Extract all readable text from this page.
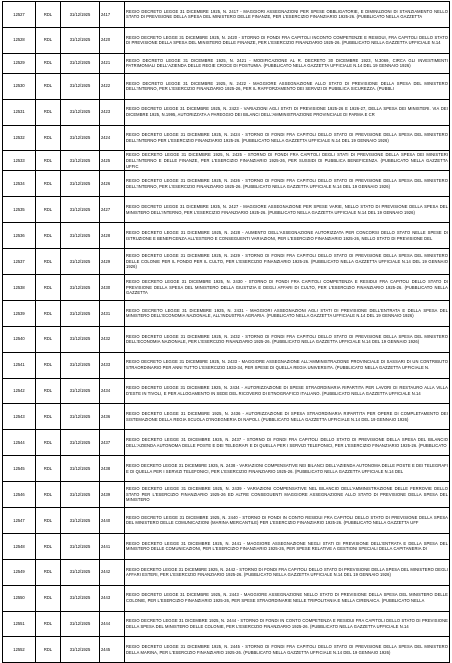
12527	RDL	31/12/1925	2417	REGIO DECRETO LEGGE 31 DICEMBRE 1925, N. 2417 - MAGGIORI ASSEGNAZIONI PER SPESE OBBLIGATORIE, E DIMINUZIONI DI STANZIAMENTO NELLO STATO DI PREVISIONE DELLA SPESA DEL MINISTERO DELLE FINANZE, PER L'ESERCIZIO FINANZIARIO 1925-26. (PUBBLICATO NELLA GAZZETTA
12528	RDL	31/12/1925	2420	REGIO DECRETO LEGGE 31 DICEMBRE 1925, N. 2420 - STORNO DI FONDI FRA CAPITOLI INCONTO COMPETENZE E RESIDUI, FRA CAPITOLI DELLO STATO DI PREVISIONE DELLA SPESA DEL MINISTERO DELLE FINANZE, PER L'ESERCIZIO FINANZIARIO 1925-26. (PUBBLICATO NELLA GAZZETTA UFFICIALE N.14
12529	RDL	31/12/1925	2421	REGIO DECRETO LEGGE 31 DICEMBRE 1925, N. 2421 - MODIFICAZIONE AL R. DECRETO 30 DICEMBRE 1923, N.3069, CIRCA GLI INVESTIMENTI PATRIMONIALI DELL'AZIENDA DELLE REGIE CROCE DI POSTUMIA. (PUBBLICATO NELLA GAZZETTA UFFICIALE N.14 DEL 19 GENNAIO 1926)
12530	RDL	31/12/1925	2422	REGIO DECRETO LEGGE 31 DICEMBRE 1925, N. 2422 - MAGGIORE ASSEGNAZIONE ALLO STATO DI PREVISIONE DELLA SPESA DEL MINISTERO DELL'INTERNO, PER L'ESERCIZIO FINANZIARIO 1925-26, PER IL RAFFORZAMENTO DEI SERVIZI DI PUBBLICA SICUREZZA. (PUBBLI
12531	RDL	31/12/1925	2423	REGIO DECRETO LEGGE 31 DICEMBRE 1925, N. 2423 - VARIAZIONI AGLI STATI DI PREVISIONE 1925-26 E 1926-27, DELLA SPESA DEI MINISTERI. VIA DEI DICEMBRE 1925, N.1995, AUTORIZZATA A PAREGGIO DEI BILANCI DELL'AMMINISTRAZIONE PROVINCIALE DI PARMA E CR
12532	RDL	31/12/1925	2424	REGIO DECRETO LEGGE 31 DICEMBRE 1925, N. 2424 - STORNO DI FONDI FRA CAPITOLI DELLO STATO DI PREVISIONE DELLA SPESA DEL MINISTERO DELL'INTERNO PER L'ESERCIZIO FINANZIARIO 1925-26. (PUBBLICATO NELLA GAZZETTA UFFICIALE N.14 DEL 19 GENNAIO 1926)
12533	RDL	31/12/1925	2425	REGIO DECRETO LEGGE 31 DICEMBRE 1925, N. 2425 - STORNO DI FONDI FRA CAPITOLI DEGLI STATI DI PREVISIONE DELLA SPESA DEI MINISTERI DELL'INTERNO E DELLE FINANZE, PER L'ESERCIZIO FINANZIARIO 1925-26, PER SUSSIDI DI PUBBLICA BENEFICENZA. (PUBBLICATO NELLA GAZZETTA UFFIC
12534	RDL	31/12/1925	2426	REGIO DECRETO LEGGE 31 DICEMBRE 1925, N. 2426 - STORNO DI FONDI FRA CAPITOLI DELLO STATO DI PREVISIONE DELLA SPESA DEL MINISTERO DELL'INTERNO, PER L'ESERCIZIO FINANZIARIO 1925-26. (PUBBLICATO NELLA GAZZETTA UFFICIALE N.14 DEL 19 GENNAIO 1926)
12535	RDL	31/12/1925	2427	REGIO DECRETO LEGGE 31 DICEMBRE 1925, N. 2427 - MAGGIORE ASSEGNAZIONE PER SPESE VARIE, NELLO STATO DI PREVISIONE DELLA SPESA DEL MINISTERO DELL'INTERNO, PER L'ESERCIZIO FINANZIARIO 1925-26. (PUBBLICATO NELLA GAZZETTA UFFICIALE N.14 DEL 19 GENNAIO 1926)
12536	RDL	31/12/1925	2428	REGIO DECRETO LEGGE 31 DICEMBRE 1925, N. 2428 - AUMENTO DELL'ASSEGNAZIONE AUTORIZZATA PER CONCORSI DELLO STATO NELLE SPESE DI ISTRUZIONE E BENEFICENZA ALL'ESTERO E CONSEGUENTI VARIAZIONI, PER L'ESERCIZIO FINANZIARIO 1925-26, NELLO STATO DI PREVISIONE DEL
12537	RDL	31/12/1925	2429	REGIO DECRETO LEGGE 31 DICEMBRE 1925, N. 2429 - STORNO DI FONDI FRA CAPITOLI DELLO STATO DI PREVISIONE DELLA SPESA DEL MINISTERO DELLE COLONIE PER IL FONDO PER IL CULTO, PER L'ESERCIZIO FINANZIARIO 1925-26. (PUBBLICATO NELLA GAZZETTA UFFICIALE N.14 DEL 19 GENNAIO 1926)
12538	RDL	31/12/1925	2430	REGIO DECRETO LEGGE 31 DICEMBRE 1925, N. 2430 - STORNO DI FONDI FRA CAPITOLI COMPETENZA E RESIDUI FRA CAPITOLI DELLO STATO DI PREVISIONE DELLA SPESA DEL MINISTERO DELLA GIUSTIZIA E DEGLI AFFARI DI CULTO, PER L'ESERCIZIO FINANZIARIO 1925-26. (PUBBLICATO NELLA GAZZETTA
12539	RDL	31/12/1925	2431	REGIO DECRETO LEGGE 31 DICEMBRE 1925, N. 2431 - MAGGIORI ASSEGNAZIONI AGLI STATI DI PREVISIONE DELL'ENTRATA E DELLA SPESA DEL MINISTERO DELL'ECONOMIA NAZIONALE, ALL'INDUSTRIA AGRARIA. (PUBBLICATO NELLA GAZZETTA UFFICIALE N.14 DEL 19 GENNAIO 1926)
12540	RDL	31/12/1925	2432	REGIO DECRETO LEGGE 31 DICEMBRE 1925, N. 2432 - STORNO DI FONDI FRA CAPITOLI DELLO STATO DI PREVISIONE DELLA SPESA DEL MINISTERO DELL'ECONOMIA NAZIONALE, PER L'ESERCIZIO FINANZIARIO 1925-26. (PUBBLICATO NELLA GAZZETTA UFFICIALE N.14 DEL 19 GENNAIO 1926)
12541	RDL	31/12/1925	2433	REGIO DECRETO LEGGE 31 DICEMBRE 1925, N. 2433 - MAGGIORE ASSEGNAZIONE ALL'AMMINISTRAZIONE PROVINCIALE DI SASSARI DI UN CONTRIBUTO STRAORDINARIO PER ANNI TUTTO L'ESERCIZIO 1933-34, PER SPESE DI QUELLA REGIA UNIVERSITA. (PUBBLICATO NELLA GAZZETTA UFFICIALE N.
12542	RDL	31/12/1925	2434	REGIO DECRETO LEGGE 31 DICEMBRE 1925, N. 2434 - AUTORIZZAZIONE DI SPESE STRAORDINARIA RIPARTITA PER LAVORI DI RESTAURO ALLA VILLA D'ESTE IN TIVOLI, E PER ALLOGAMENTO IN SEDE DEL RICOVERO DI ETNOGRAFICO ITALIANO. (PUBBLICATO NELLA GAZZETTA UFFICIALE N.14
12543	RDL	31/12/1925	2436	REGIO DECRETO LEGGE 31 DICEMBRE 1925, N. 2436 - AUTORIZZAZIONE DI SPESA STRAORDINARIA RIPARTITA PER OPERE DI COMPLETAMENTO DEI SISTEMAZIONE DELLA REGIA SCUOLA D'INGEGNERIA DI NAPOLI. (PUBBLICATO NELLA GAZZETTA UFFICIALE N.14 DEL 19 GENNAIO 1926)
12544	RDL	31/12/1925	2437	REGIO DECRETO LEGGE 31 DICEMBRE 1925, N. 2437 - STORNO DI FONDI FRA CAPITOLI DELLO STATO DI PREVISIONE DELLA SPESA DEL BILANCIO DELL'AZIENDA AUTONOMA DELLE POSTE E DEI TELEGRAFI E DI QUELLA PER I SERVIZI TELEFONICI, PER L'ESERCIZIO FINANZIARIO 1925-26. (PUBBLICATO
12545	RDL	31/12/1925	2438	REGIO DECRETO LEGGE 31 DICEMBRE 1925, N. 2438 - VARIAZIONI COMPENSATIVE NEI BILANCI DELL'AZIENDA AUTONOMA DELLE POSTE E DEI TELEGRAFI E DI QUELLA PER I SERVIZI TELEFONICI, PER L'ESERCIZIO FINANZIARIO 1925-26. (PUBBLICATO NELLA GAZZETTA UFFICIALE N.14 DEL
12546	RDL	31/12/1925	2439	REGIO DECRETO LEGGE 31 DICEMBRE 1925, N. 2439 - VARIAZIONI COMPENSATIVE NEL BILANCIO DELL'AMMINISTRAZIONE DELLE FERROVIE DELLO STATO PER L'ESERCIZIO FINANZIARIO 1925-26 ED ALTRE CONSEGUENTI MAGGIORE ASSEGNAZIONE ALLO STATO DI PREVISIONE DELLA SPESA DEL MINISTERO
12547	RDL	31/12/1925	2440	REGIO DECRETO LEGGE 31 DICEMBRE 1925, N. 2440 - STORNO DI FONDI IN CONTO RESIDUI FRA CAPITOLI DELLO STATO DI PREVISIONE DELLA SPESA DEL MINISTERO DELLE COMUNICAZIONI (MARINA MERCANTILE) PER L'ESERCIZIO FINANZIARIO 1925-26. (PUBBLICATO NELLA GAZZETTA UFF
12548	RDL	31/12/1925	2441	REGIO DECRETO LEGGE 31 DICEMBRE 1925, N. 2441 - MAGGIORE ASSEGNAZIONE NEGLI STATI DI PREVISIONE DELL'ENTRATA E DELLA SPESA DEL MINISTERO DELLE COMUNICAZIONI, PER L'ESERCIZIO FINANZIARIO 1925-26, PER SPESE RELATIVE A GESTIONI SPECIALI DELLA CAPITANERIA DI
12549	RDL	31/12/1925	2442	REGIO DECRETO LEGGE 31 DICEMBRE 1925, N. 2442 - STORNO DI FONDI FRA CAPITOLI DELLO STATO DI PREVISIONE DELLA SPESA DEL MINISTERO DEGLI AFFARI ESTERI, PER L'ESERCIZIO FINANZIARIO 1925-26. (PUBBLICATO NELLA GAZZETTA UFFICIALE N.14 DEL 19 GENNAIO 1926)
12550	RDL	31/12/1925	2443	REGIO DECRETO LEGGE 31 DICEMBRE 1925, N. 2443 - MAGGIORE ASSEGNAZIONE NELLO STATO DI PREVISIONE DELLA SPESA DEL MINISTERO DELLE COLONIE, PER L'ESERCIZIO FINANZIARIO 1925-26, PER SPESE STRAORDINARIE NELLE TRIPOLITANIA E NELLA CIRENAICA. (PUBBLICATO NELLA
12551	RDL	31/12/1925	2444	REGIO DECRETO LEGGE 31 DICEMBRE 1925, N. 2444 - STORNO DI FONDI IN CONTO COMPETENZA E RESIDUI FRA CAPITOLI DELLO STATO DI PREVISIONE DELLA SPESA DEL MINISTERO DELLE COLONIE, PER L'ESERCIZIO FINANZIARIO 1925-26. (PUBBLICATO NELLA GAZZETTA UFFICIALE N.14
12552	RDL	31/12/1925	2445	REGIO DECRETO LEGGE 31 DICEMBRE 1925, N. 2445 - STORNO DI FONDI FRA CAPITOLI DELLO STATO DI PREVISIONE DELLA SPESA DEL MINISTERO DELLA MARINA, PER L'ESERCIZIO FINANZIARIO 1925-26. (PUBBLICATO NELLA GAZZETTA UFFICIALE N.14 DEL 19 GENNAIO 1926)
